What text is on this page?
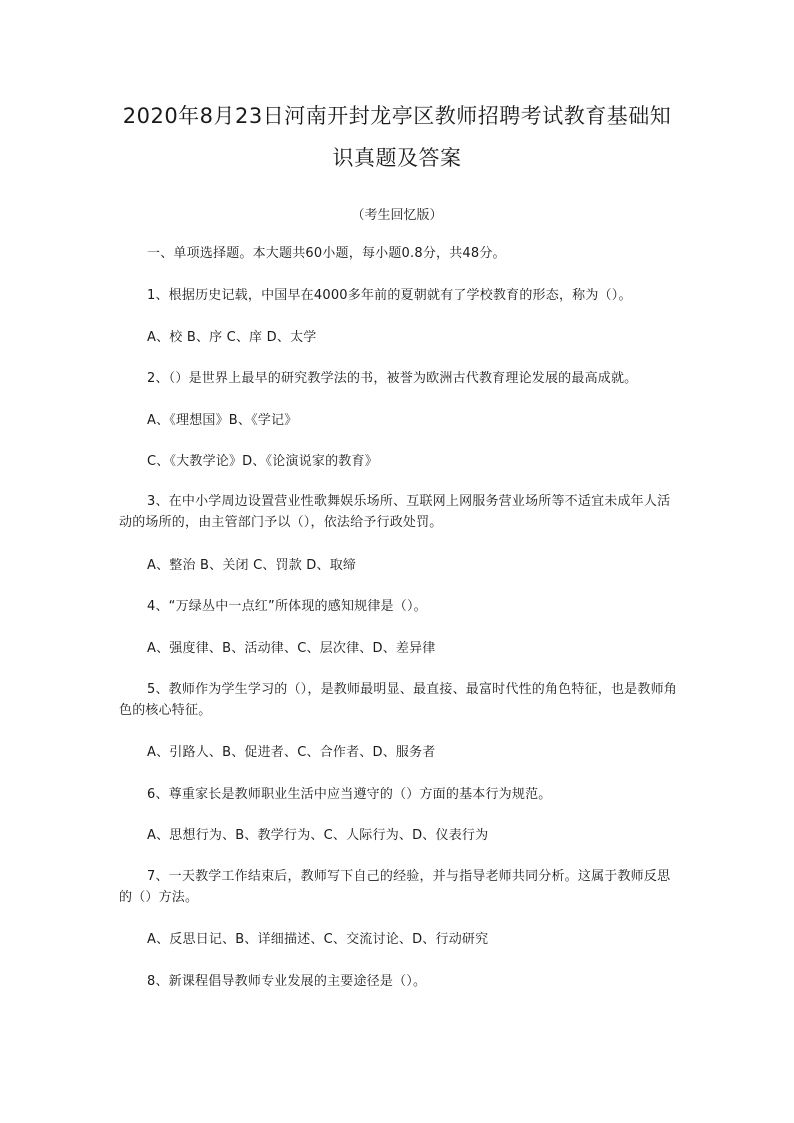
2020年8月23日河南开封龙亭区教师招聘考试教育基础知
识真题及答案
（考生回忆版）
一、单项选择题。本大题共60小题，每小题0.8分，共48分。
1、根据历史记载，中国早在4000多年前的夏朝就有了学校教育的形态，称为（）。
A、校 B、序 C、庠 D、太学
2、（）是世界上最早的研究教学法的书，被誉为欧洲古代教育理论发展的最高成就。
A、《理想国》B、《学记》
C、《大教学论》D、《论演说家的教育》
3、在中小学周边设置营业性歌舞娱乐场所、互联网上网服务营业场所等不适宜未成年人活动的场所的，由主管部门予以（），依法给予行政处罚。
A、整治 B、关闭 C、罚款 D、取缔
4、“万绿丛中一点红”所体现的感知规律是（）。
A、强度律、B、活动律、C、层次律、D、差异律
5、教师作为学生学习的（），是教师最明显、最直接、最富时代性的角色特征，也是教师角色的核心特征。
A、引路人、B、促进者、C、合作者、D、服务者
6、尊重家长是教师职业生活中应当遵守的（）方面的基本行为规范。
A、思想行为、B、教学行为、C、人际行为、D、仪表行为
7、一天教学工作结束后，教师写下自己的经验，并与指导老师共同分析。这属于教师反思的（）方法。
A、反思日记、B、详细描述、C、交流讨论、D、行动研究
8、新课程倡导教师专业发展的主要途径是（）。
